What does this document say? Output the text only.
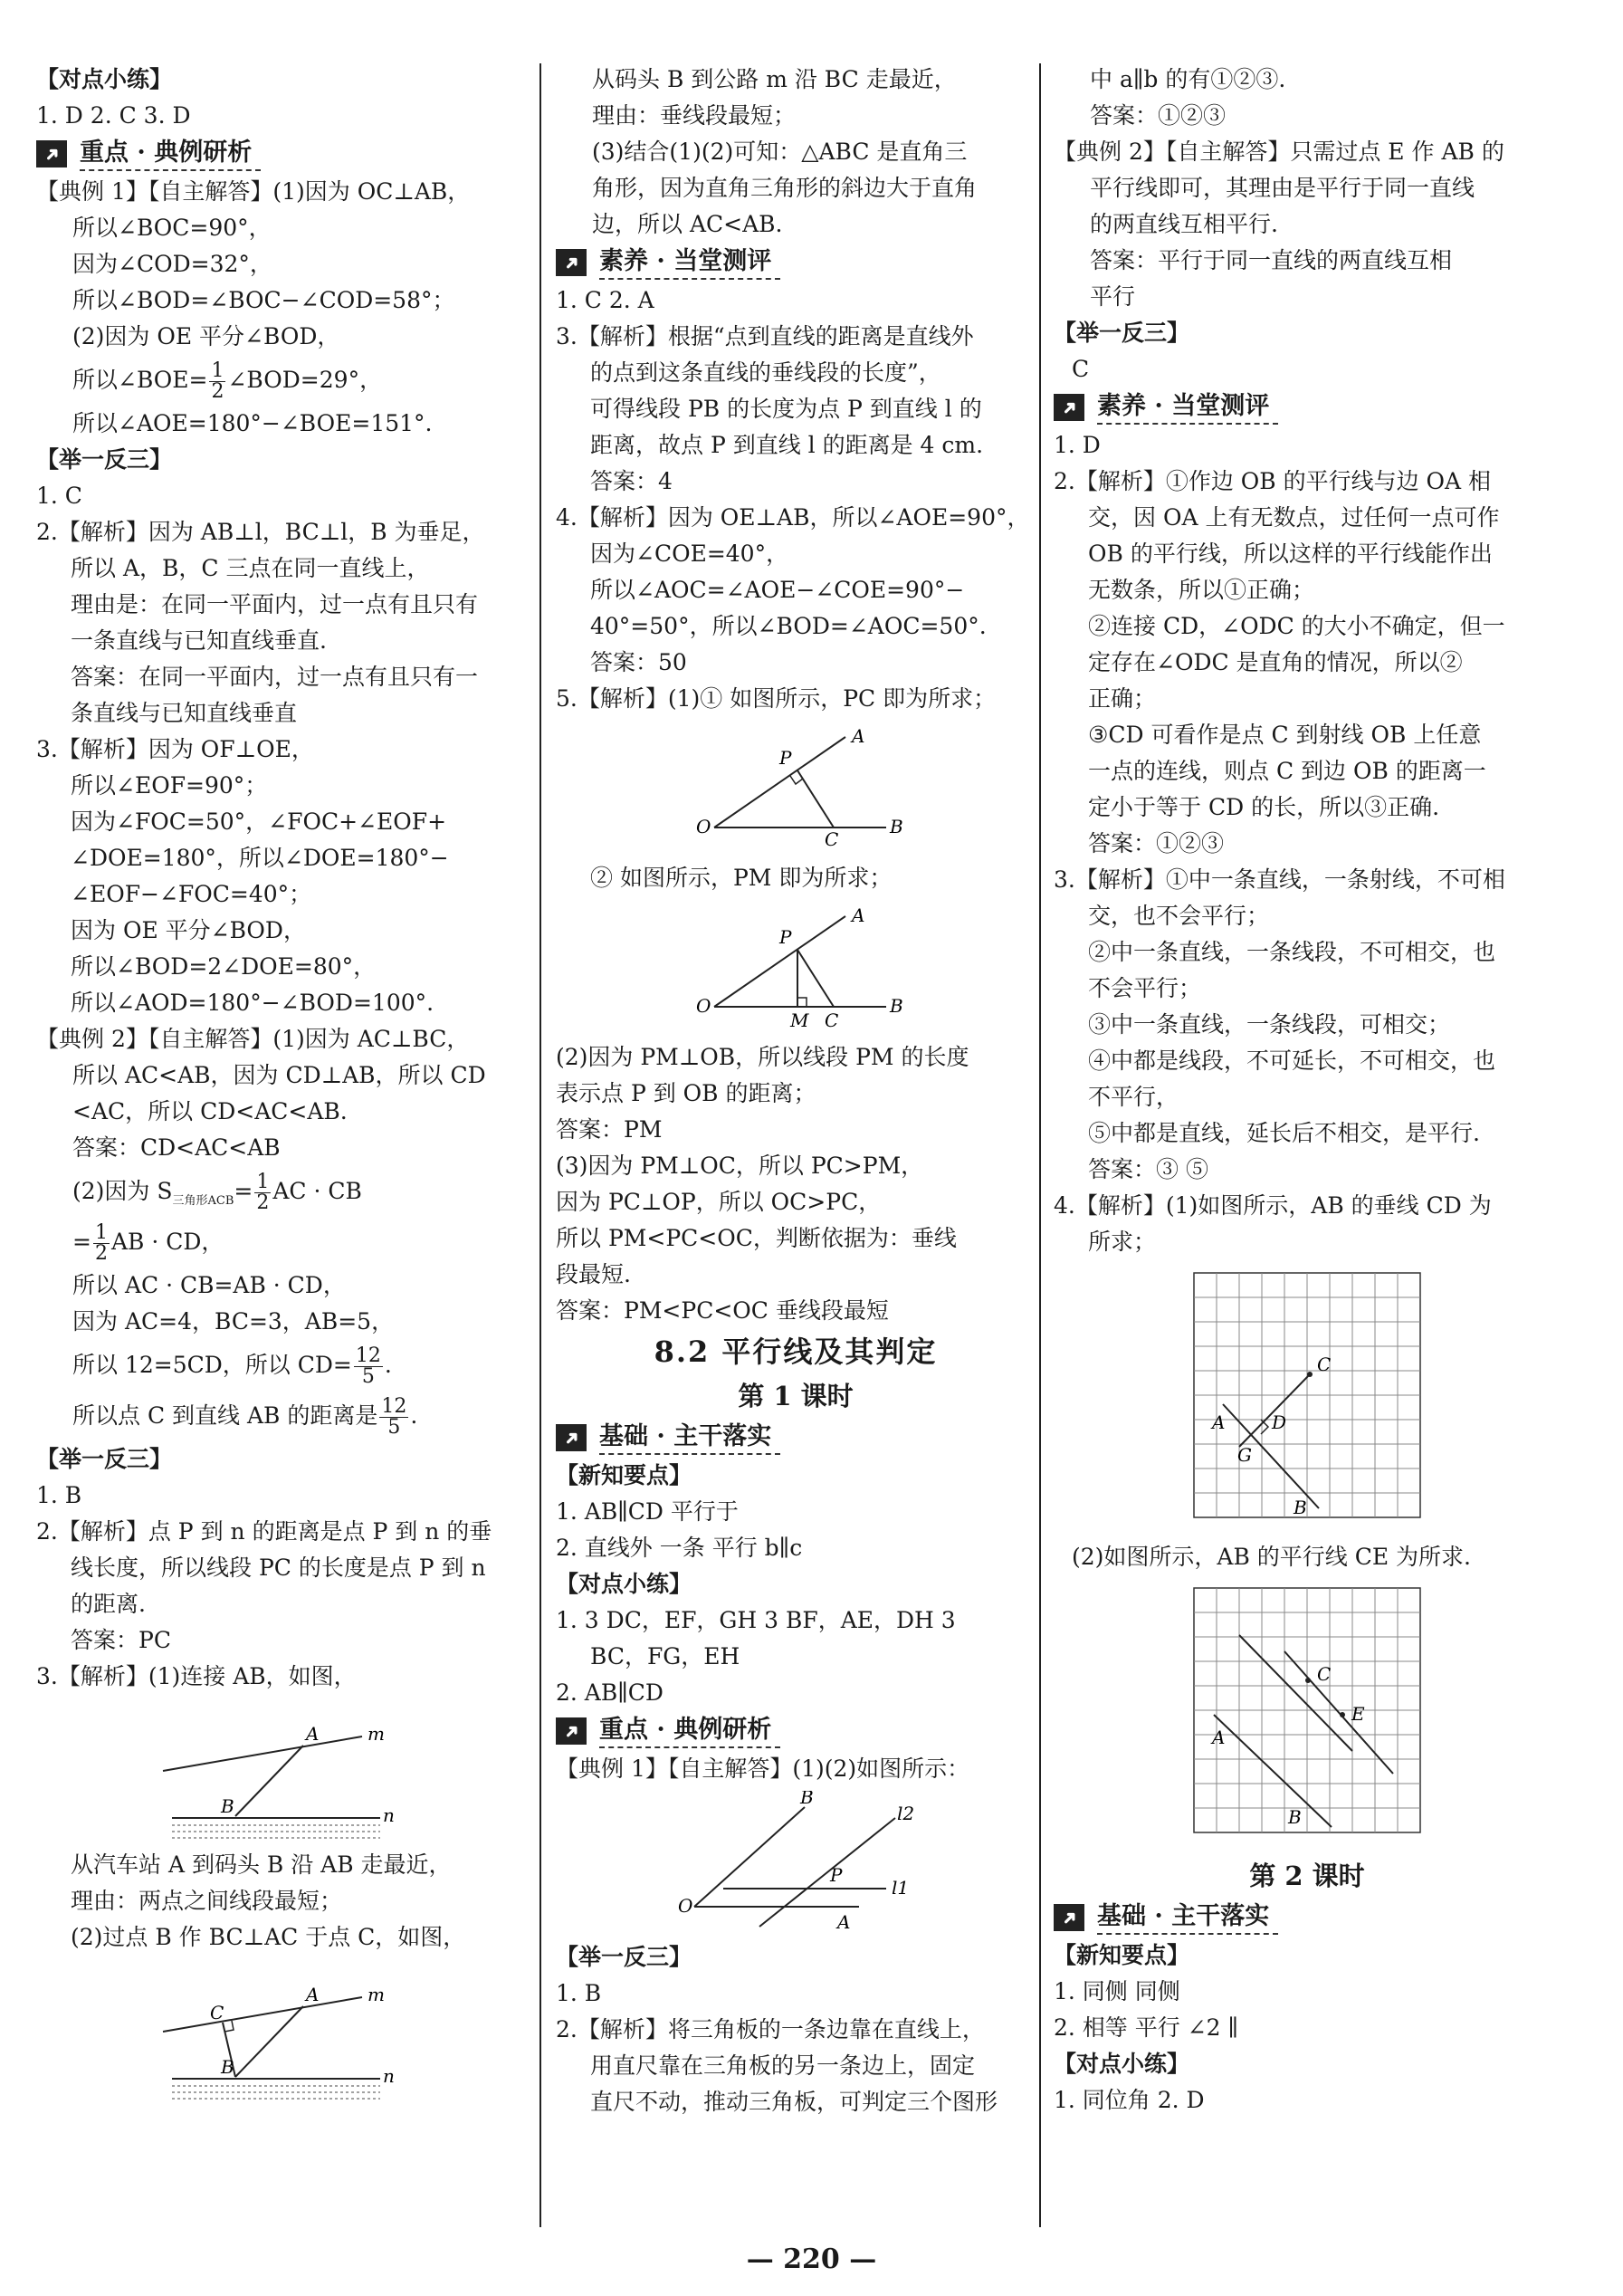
【对点小练】
1. D 2. C 3. D
➜ 重点 · 典例研析
【典例 1】【自主解答】(1)因为 OC⊥AB，
所以∠BOC=90°，
因为∠COD=32°，
所以∠BOD=∠BOC−∠COD=58°；
(2)因为 OE 平分∠BOD，
所以∠BOE= $\frac{1}{2}$ ∠BOD=29°，
所以∠AOE=180°−∠BOE=151°.
【举一反三】
1. C
2.【解析】因为 AB⊥l，BC⊥l，B 为垂足，
所以 A，B，C 三点在同一直线上，
理由是：在同一平面内，过一点有且只有
一条直线与已知直线垂直.
答案：在同一平面内，过一点有且只有一
条直线与已知直线垂直
3.【解析】因为 OF⊥OE，
所以∠EOF=90°；
因为∠FOC=50°，∠FOC+∠EOF+
∠DOE=180°，所以∠DOE=180°−
∠EOF−∠FOC=40°；
因为 OE 平分∠BOD，
所以∠BOD=2∠DOE=80°，
所以∠AOD=180°−∠BOD=100°.
【典例 2】【自主解答】(1)因为 AC⊥BC，
所以 AC<AB，因为 CD⊥AB，所以 CD
<AC，所以 CD<AC<AB.
答案：CD<AC<AB
(2)因为 $S_{三角形ACB}= \frac{1}{2}$ AC · CB
= $\frac{1}{2}$ AB · CD，
所以 AC · CB=AB · CD，
因为 AC=4，BC=3，AB=5，
所以 12=5CD，所以 $CD= \frac{12}{5}$ .
所以点 C 到直线 AB 的距离是 $\frac{12}{5}$ .
【举一反三】
1. B
2.【解析】点 P 到 n 的距离是点 P 到 n 的垂
线长度，所以线段 PC 的长度是点 P 到 n
的距离.
答案：PC
3.【解析】(1)连接 AB，如图，
A	m
B	n
从汽车站 A 到码头 B 沿 AB 走最近，
理由：两点之间线段最短；
(2)过点 B 作 BC⊥AC 于点 C，如图，
C
A	m
B	n
从码头 B 到公路 m 沿 BC 走最近，
理由：垂线段最短；
(3)结合(1)(2)可知：△ABC 是直角三
角形，因为直角三角形的斜边大于直角
边，所以 AC<AB.
➜ 素养 · 当堂测评
1. C 2. A
3.【解析】根据“点到直线的距离是直线外
的点到这条直线的垂线段的长度”，
可得线段 PB 的长度为点 P 到直线 l 的
距离，故点 P 到直线 l 的距离是 4 cm.
答案：4
4.【解析】因为 OE⊥AB，所以∠AOE=90°，
因为∠COE=40°，
所以∠AOC=∠AOE−∠COE=90°−
40°=50°，所以∠BOD=∠AOC=50°.
答案：50
5.【解析】(1)① 如图所示，PC 即为所求；
P
A
O
C
B
② 如图所示，PM 即为所求；
P
A
O
M C
B
(2)因为 PM⊥OB，所以线段 PM 的长度
表示点 P 到 OB 的距离；
答案：PM
(3)因为 PM⊥OC，所以 PC>PM，
因为 PC⊥OP，所以 OC>PC，
所以 PM<PC<OC，判断依据为：垂线
段最短.
答案：PM<PC<OC 垂线段最短
8.2 平行线及其判定
第 1 课时
➜ 基础 · 主干落实
【新知要点】
1. AB∥CD 平行于
2. 直线外 一条 平行 b∥c
【对点小练】
1. 3 DC，EF，GH 3 BF，AE，DH 3
BC，FG，EH
2. AB∥CD
➜ 重点 · 典例研析
【典例 1】【自主解答】(1)(2)如图所示：
B
l2
P
l1
O
A
【举一反三】
1. B
2.【解析】将三角板的一条边靠在直线上，
用直尺靠在三角板的另一条边上，固定
直尺不动，推动三角板，可判定三个图形
中 a∥b 的有①②③.
答案：①②③
【典例 2】【自主解答】只需过点 E 作 AB 的
平行线即可，其理由是平行于同一直线
的两直线互相平行.
答案：平行于同一直线的两直线互相
平行
【举一反三】
C
➜ 素养 · 当堂测评
1. D
2.【解析】①作边 OB 的平行线与边 OA 相
交，因 OA 上有无数点，过任何一点可作
OB 的平行线，所以这样的平行线能作出
无数条，所以①正确；
②连接 CD，∠ODC 的大小不确定，但一
定存在∠ODC 是直角的情况，所以②
正确；
③CD 可看作是点 C 到射线 OB 上任意
一点的连线，则点 C 到边 OB 的距离一
定小于等于 CD 的长，所以③正确.
答案：①②③
3.【解析】①中一条直线，一条射线，不可相
交，也不会平行；
②中一条直线，一条线段，不可相交，也
不会平行；
③中一条直线，一条线段，可相交；
④中都是线段，不可延长，不可相交，也
不平行，
⑤中都是直线，延长后不相交，是平行.
答案：③ ⑤
4.【解析】(1)如图所示，AB 的垂线 CD 为
所求；
C
A	D
G
B
(2)如图所示，AB 的平行线 CE 为所求.
C
E
A
B
第 2 课时
➜ 基础 · 主干落实
【新知要点】
1. 同侧 同侧
2. 相等 平行 ∠2 ∥
【对点小练】
1. 同位角 2. D
— 220 —
